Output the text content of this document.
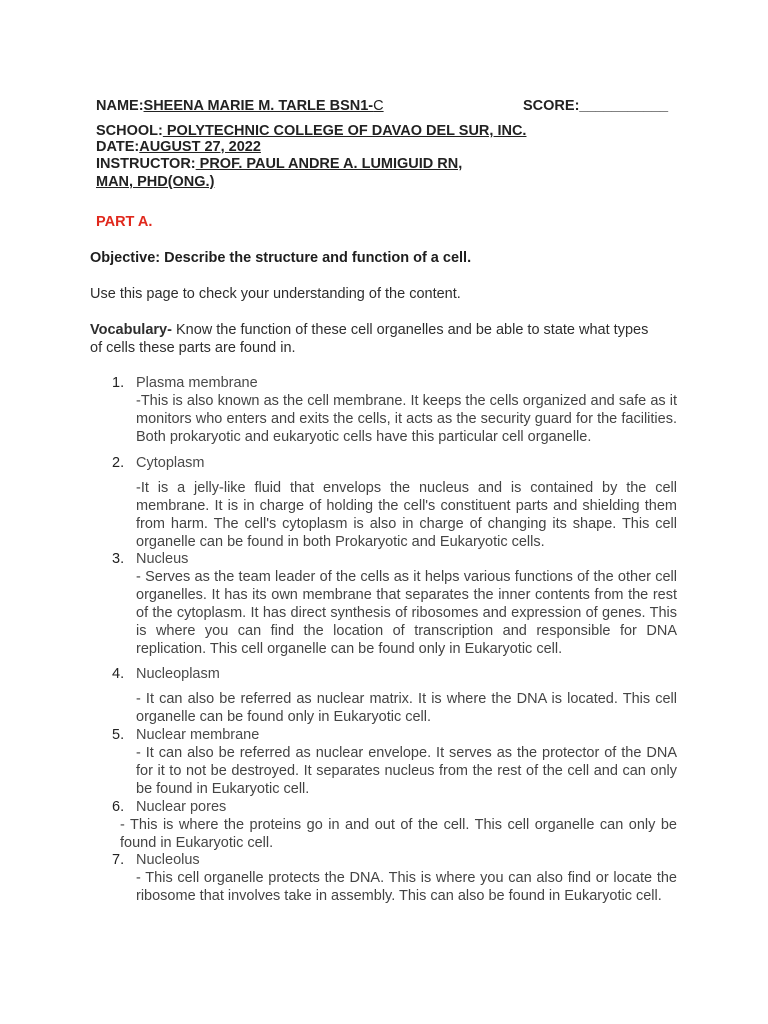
NAME:SHEENA MARIE M. TARLE BSN1-C	SCORE:___________
SCHOOL: POLYTECHNIC COLLEGE OF DAVAO DEL SUR, INC.
DATE:AUGUST 27, 2022
INSTRUCTOR: PROF. PAUL ANDRE A. LUMIGUID RN,
MAN, PHD(ONG.)
PART A.
Objective: Describe the structure and function of a cell.
Use this page to check your understanding of the content.
Vocabulary- Know the function of these cell organelles and be able to state what types
of cells these parts are found in.
1. Plasma membrane
-This is also known as the cell membrane. It keeps the cells organized and safe as it monitors who enters and exits the cells, it acts as the security guard for the facilities. Both prokaryotic and eukaryotic cells have this particular cell organelle.
2. Cytoplasm
-It is a jelly-like fluid that envelops the nucleus and is contained by the cell membrane. It is in charge of holding the cell's constituent parts and shielding them from harm. The cell's cytoplasm is also in charge of changing its shape. This cell organelle can be found in both Prokaryotic and Eukaryotic cells.
3. Nucleus
- Serves as the team leader of the cells as it helps various functions of the other cell organelles. It has its own membrane that separates the inner contents from the rest of the cytoplasm. It has direct synthesis of ribosomes and expression of genes. This is where you can find the location of transcription and responsible for DNA replication. This cell organelle can be found only in Eukaryotic cell.
4. Nucleoplasm
- It can also be referred as nuclear matrix. It is where the DNA is located. This cell organelle can be found only in Eukaryotic cell.
5. Nuclear membrane
- It can also be referred as nuclear envelope. It serves as the protector of the DNA for it to not be destroyed. It separates nucleus from the rest of the cell and can only be found in Eukaryotic cell.
6. Nuclear pores
- This is where the proteins go in and out of the cell. This cell organelle can only be found in Eukaryotic cell.
7. Nucleolus
- This cell organelle protects the DNA. This is where you can also find or locate the ribosome that involves take in assembly. This can also be found in Eukaryotic cell.
